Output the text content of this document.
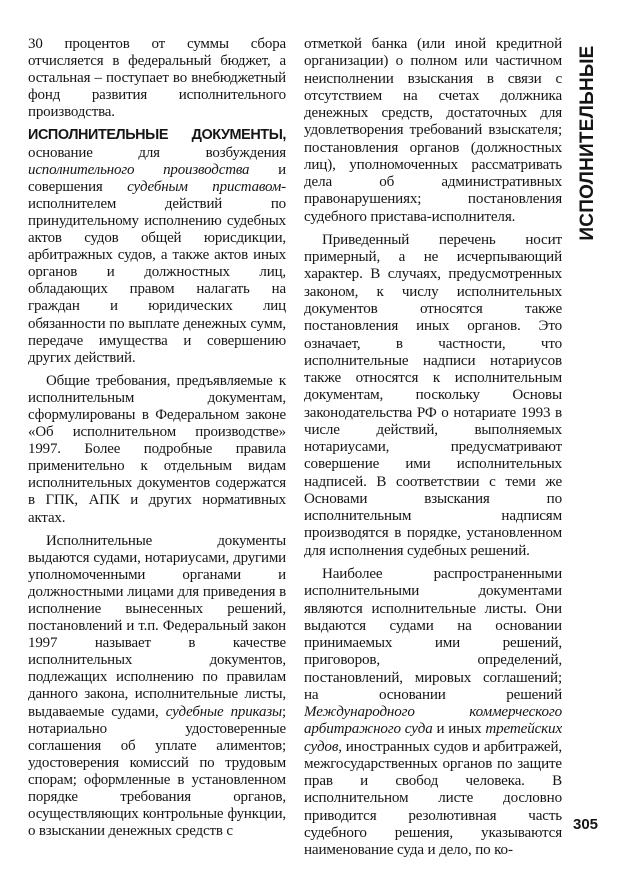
30 процентов от суммы сбора отчисляется в федеральный бюджет, а остальная – поступает во внебюджетный фонд развития исполнительного производства.

ИСПОЛНИТЕЛЬНЫЕ ДОКУМЕНТЫ, основание для возбуждения исполнительного производства и совершения судебным приставом-исполнителем действий по принудительному исполнению судебных актов судов общей юрисдикции, арбитражных судов, а также актов иных органов и должностных лиц, обладающих правом налагать на граждан и юридических лиц обязанности по выплате денежных сумм, передаче имущества и совершению других действий.

Общие требования, предъявляемые к исполнительным документам, сформулированы в Федеральном законе «Об исполнительном производстве» 1997. Более подробные правила применительно к отдельным видам исполнительных документов содержатся в ГПК, АПК и других нормативных актах.

Исполнительные документы выдаются судами, нотариусами, другими уполномоченными органами и должностными лицами для приведения в исполнение вынесенных решений, постановлений и т.п. Федеральный закон 1997 называет в качестве исполнительных документов, подлежащих исполнению по правилам данного закона, исполнительные листы, выдаваемые судами, судебные приказы; нотариально удостоверенные соглашения об уплате алиментов; удостоверения комиссий по трудовым спорам; оформленные в установленном порядке требования органов, осуществляющих контрольные функции, о взыскании денежных средств с

отметкой банка (или иной кредитной организации) о полном или частичном неисполнении взыскания в связи с отсутствием на счетах должника денежных средств, достаточных для удовлетворения требований взыскателя; постановления органов (должностных лиц), уполномоченных рассматривать дела об административных правонарушениях; постановления судебного пристава-исполнителя.

Приведенный перечень носит примерный, а не исчерпывающий характер. В случаях, предусмотренных законом, к числу исполнительных документов относятся также постановления иных органов. Это означает, в частности, что исполнительные надписи нотариусов также относятся к исполнительным документам, поскольку Основы законодательства РФ о нотариате 1993 в числе действий, выполняемых нотариусами, предусматривают совершение ими исполнительных надписей. В соответствии с теми же Основами взыскания по исполнительным надписям производятся в порядке, установленном для исполнения судебных решений.

Наиболее распространенными исполнительными документами являются исполнительные листы. Они выдаются судами на основании принимаемых ими решений, приговоров, определений, постановлений, мировых соглашений; на основании решений Международного коммерческого арбитражного суда и иных третейских судов, иностранных судов и арбитражей, межгосударственных органов по защите прав и свобод человека. В исполнительном листе дословно приводится резолютивная часть судебного решения, указываются наименование суда и дело, по ко-

ИСПОЛНИТЕЛЬНЫЕ
305
